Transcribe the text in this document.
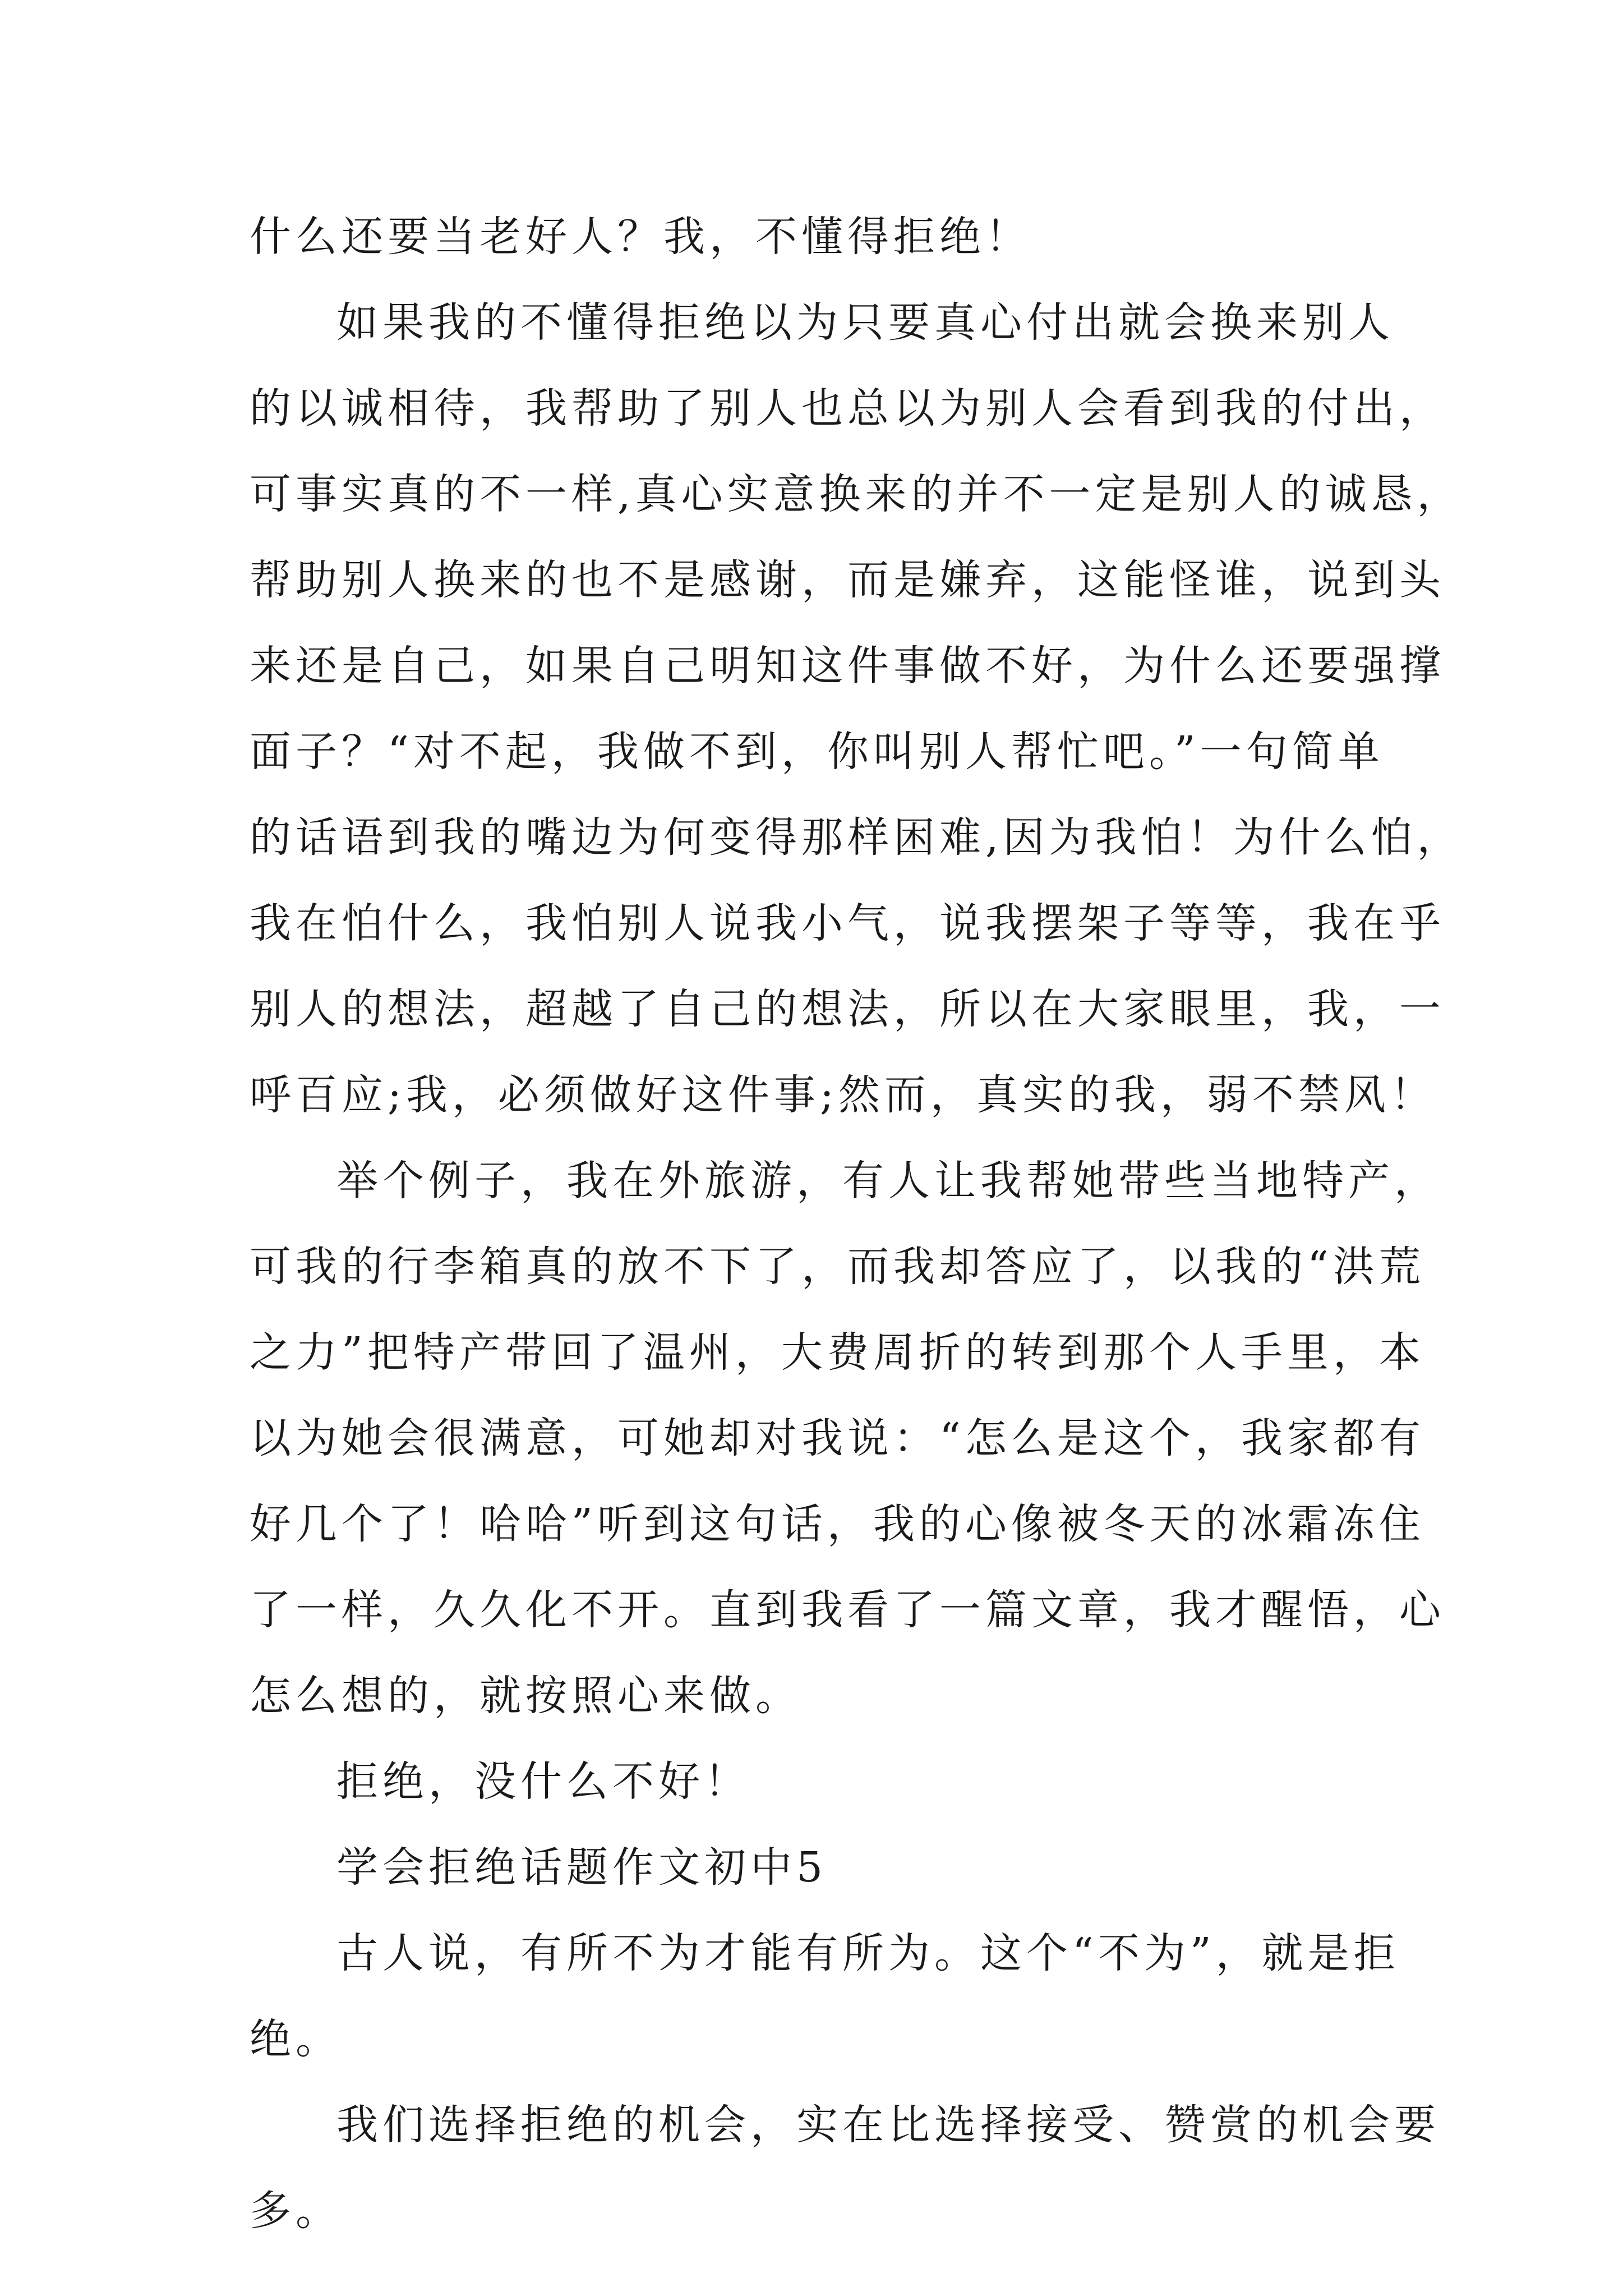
什么还要当老好人？我，不懂得拒绝！
如果我的不懂得拒绝以为只要真心付出就会换来别人
的以诚相待，我帮助了别人也总以为别人会看到我的付出，
可事实真的不一样,真心实意换来的并不一定是别人的诚恳，
帮助别人换来的也不是感谢，而是嫌弃，这能怪谁，说到头
来还是自己，如果自己明知这件事做不好，为什么还要强撑
面子？“对不起，我做不到，你叫别人帮忙吧。”一句简单
的话语到我的嘴边为何变得那样困难,因为我怕！为什么怕，
我在怕什么，我怕别人说我小气，说我摆架子等等，我在乎
别人的想法，超越了自己的想法，所以在大家眼里，我，一
呼百应;我，必须做好这件事;然而，真实的我，弱不禁风！
举个例子，我在外旅游，有人让我帮她带些当地特产，
可我的行李箱真的放不下了，而我却答应了，以我的“洪荒
之力”把特产带回了温州，大费周折的转到那个人手里，本
以为她会很满意，可她却对我说：“怎么是这个，我家都有
好几个了！哈哈”听到这句话，我的心像被冬天的冰霜冻住
了一样，久久化不开。直到我看了一篇文章，我才醒悟，心
怎么想的，就按照心来做。
拒绝，没什么不好！
学会拒绝话题作文初中5
古人说，有所不为才能有所为。这个“不为”，就是拒
绝。
我们选择拒绝的机会，实在比选择接受、赞赏的机会要
多。
